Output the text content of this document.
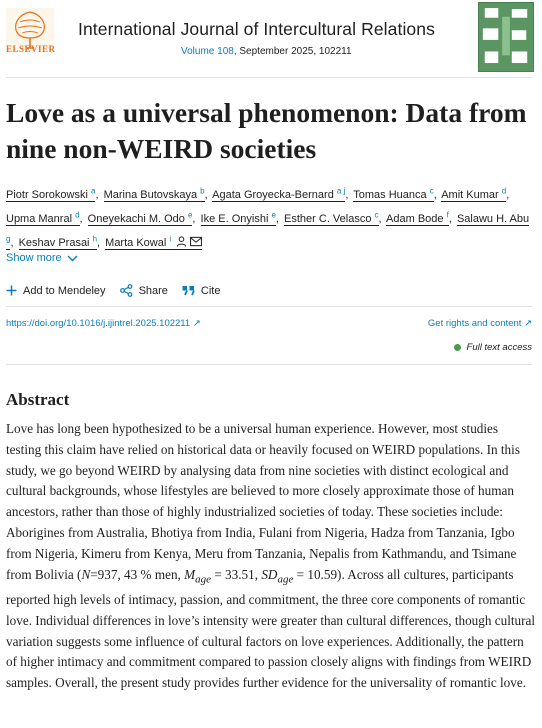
ELSEVIER
International Journal of Intercultural Relations
Volume 108, September 2025, 102211
Love as a universal phenomenon: Data from nine non-WEIRD societies
Piotr Sorokowski $^a$, Marina Butovskaya $^b$, Agata Groyecka-Bernard $^{a j}$, Tomas Huanca $^c$, Amit Kumar $^d$, Upma Manral $^d$, Oneyekachi M. Odo $^e$, Ike E. Onyishi $^e$, Esther C. Velasco $^c$, Adam Bode $^f$, Salawu H. Abu $^g$, Keshav Prasai $^h$, Marta Kowal $^i$
Show more
Add to Mendeley	Share	Cite
https://doi.org/10.1016/j.ijintrel.2025.102211 ↗	Get rights and content ↗
Full text access
Abstract

Love has long been hypothesized to be a universal human experience. However, most studies testing this claim have relied on historical data or heavily focused on WEIRD populations. In this study, we go beyond WEIRD by analysing data from nine societies with distinct ecological and cultural backgrounds, whose lifestyles are believed to more closely approximate those of human ancestors, rather than those of highly industrialized societies of today. These societies include: Aborigines from Australia, Bhotiya from India, Fulani from Nigeria, Hadza from Tanzania, Igbo from Nigeria, Kimeru from Kenya, Meru from Tanzania, Nepalis from Kathmandu, and Tsimane from Bolivia (N=937, 43 % men, $M_{age} = 33.51$, $SD_{age} = 10.59$). Across all cultures, participants reported high levels of intimacy, passion, and commitment, the three core components of romantic love. Individual differences in love’s intensity were greater than cultural differences, though cultural variation suggests some influence of cultural factors on love experiences. Additionally, the pattern of higher intimacy and commitment compared to passion closely aligns with findings from WEIRD samples. Overall, the present study provides further evidence for the universality of romantic love.
